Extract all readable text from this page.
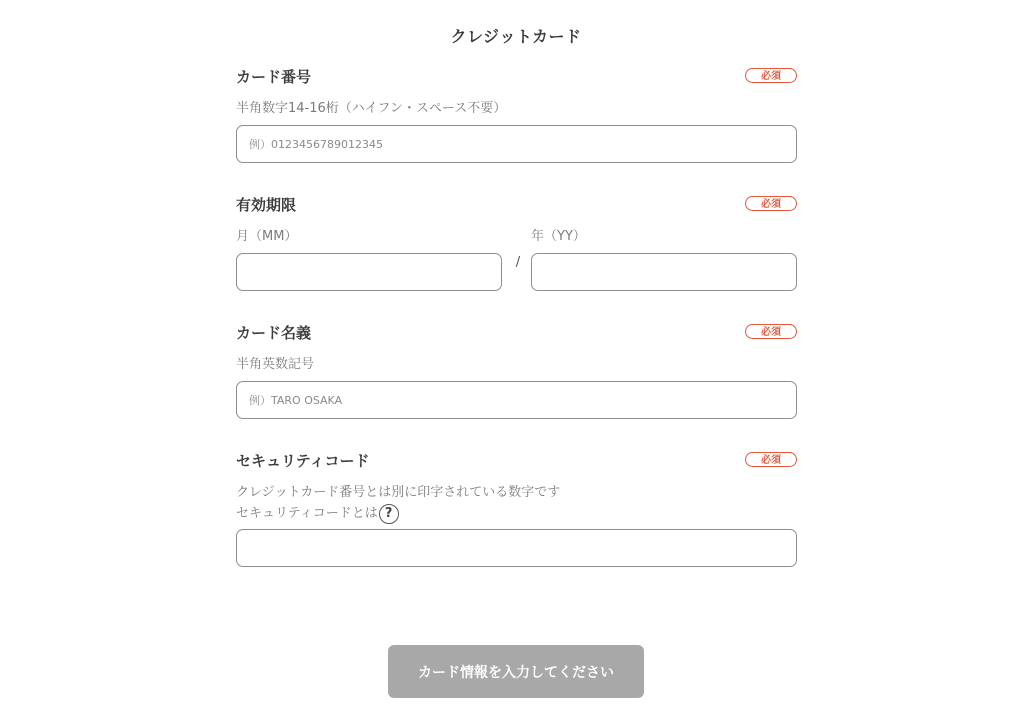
クレジットカード
カード番号	必須
半角数字14-16桁（ハイフン・スペース不要）
例）0123456789012345
有効期限	必須
月（MM）
/
年（YY）
カード名義	必須
半角英数記号
例）TARO OSAKA
セキュリティコード	必須
クレジットカード番号とは別に印字されている数字です
セキュリティコードとは ?
カード情報を入力してください
